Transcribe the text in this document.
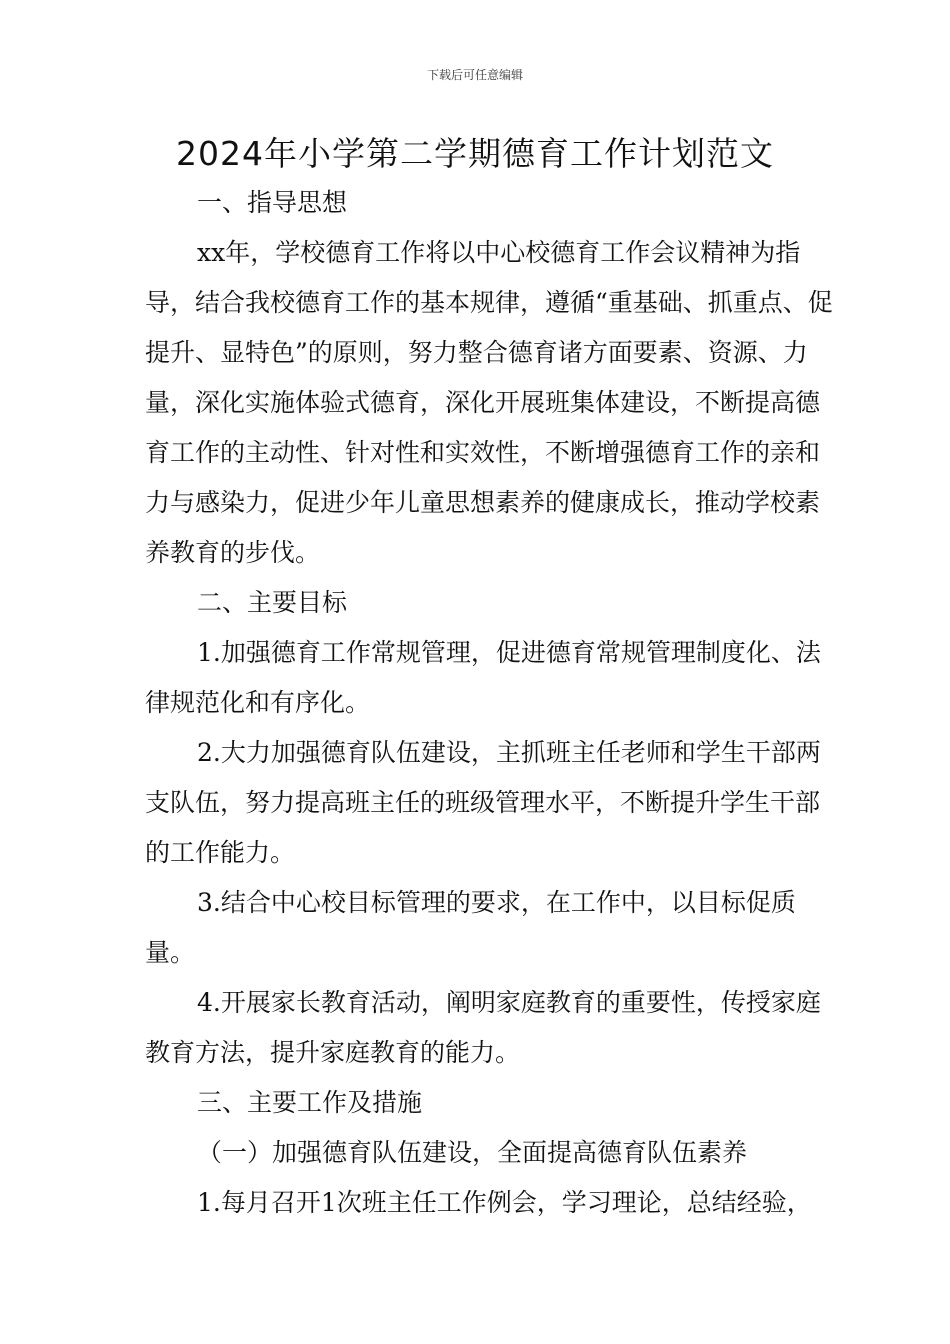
下载后可任意编辑
2024年小学第二学期德育工作计划范文

一、指导思想

xx年，学校德育工作将以中心校德育工作会议精神为指导，结合我校德育工作的基本规律，遵循“重基础、抓重点、促提升、显特色”的原则，努力整合德育诸方面要素、资源、力量，深化实施体验式德育，深化开展班集体建设，不断提高德育工作的主动性、针对性和实效性，不断增强德育工作的亲和力与感染力，促进少年儿童思想素养的健康成长，推动学校素养教育的步伐。

二、主要目标

1.加强德育工作常规管理，促进德育常规管理制度化、法律规范化和有序化。

2.大力加强德育队伍建设，主抓班主任老师和学生干部两支队伍，努力提高班主任的班级管理水平，不断提升学生干部的工作能力。

3.结合中心校目标管理的要求，在工作中，以目标促质量。

4.开展家长教育活动，阐明家庭教育的重要性，传授家庭教育方法，提升家庭教育的能力。

三、主要工作及措施

（一）加强德育队伍建设，全面提高德育队伍素养

1.每月召开1次班主任工作例会，学习理论，总结经验，
